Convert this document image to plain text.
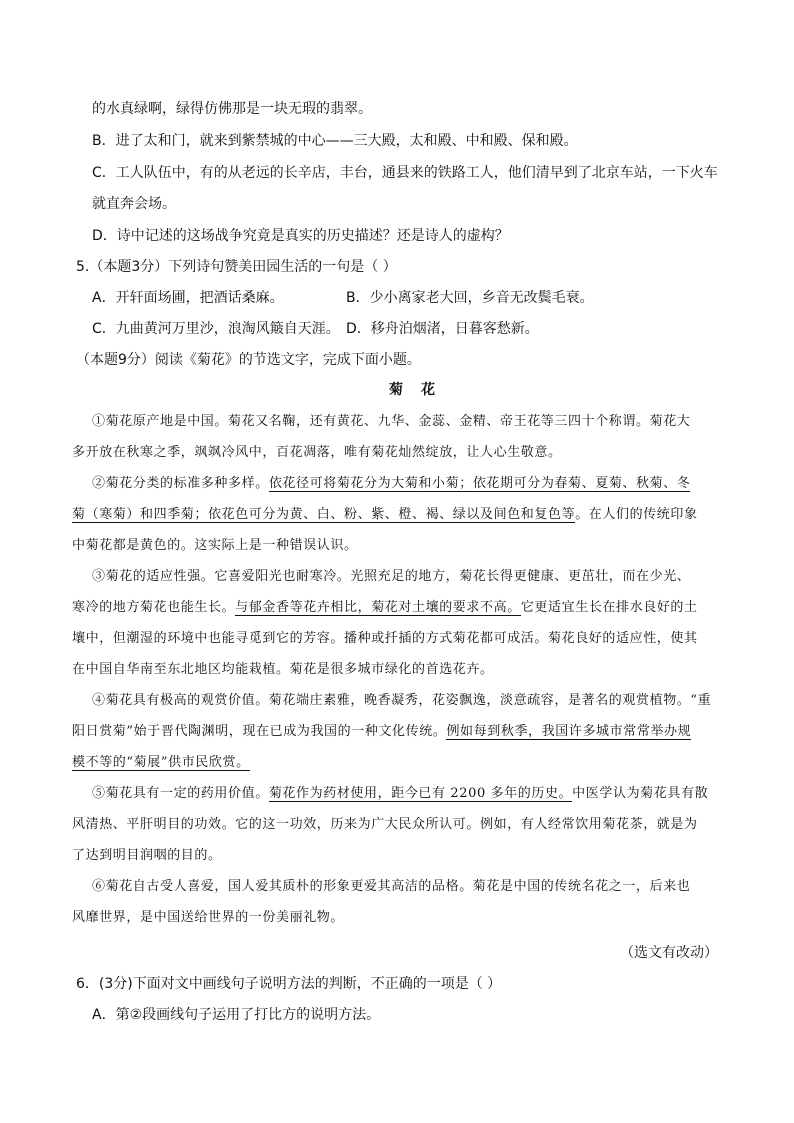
的水真绿啊，绿得仿佛那是一块无瑕的翡翠。
B．进了太和门，就来到紫禁城的中心——三大殿，太和殿、中和殿、保和殿。
C．工人队伍中，有的从老远的长辛店，丰台，通县来的铁路工人，他们清早到了北京车站，一下火车
就直奔会场。
D．诗中记述的这场战争究竟是真实的历史描述？还是诗人的虚构？
5.（本题3分）下列诗句赞美田园生活的一句是（ ）
A．开轩面场圃，把酒话桑麻。	B．少小离家老大回，乡音无改鬓毛衰。
C．九曲黄河万里沙，浪淘风簸自天涯。 D．移舟泊烟渚，日暮客愁新。
（本题9分）阅读《菊花》的节选文字，完成下面小题。
菊花
①菊花原产地是中国。菊花又名鞠，还有黄花、九华、金蕊、金精、帝王花等三四十个称谓。菊花大
多开放在秋寒之季，飒飒冷风中，百花凋落，唯有菊花灿然绽放，让人心生敬意。
②菊花分类的标准多种多样。依花径可将菊花分为大菊和小菊；依花期可分为春菊、夏菊、秋菊、冬
菊（寒菊）和四季菊；依花色可分为黄、白、粉、紫、橙、褐、绿以及间色和复色等。在人们的传统印象
中菊花都是黄色的。这实际上是一种错误认识。
③菊花的适应性强。它喜爱阳光也耐寒冷。光照充足的地方，菊花长得更健康、更茁壮，而在少光、
寒冷的地方菊花也能生长。与郁金香等花卉相比，菊花对土壤的要求不高。它更适宜生长在排水良好的土
壤中，但潮湿的环境中也能寻觅到它的芳容。播种或扦插的方式菊花都可成活。菊花良好的适应性，使其
在中国自华南至东北地区均能栽植。菊花是很多城市绿化的首选花卉。
④菊花具有极高的观赏价值。菊花端庄素雅，晚香凝秀，花姿飘逸，淡意疏容，是著名的观赏植物。“重
阳日赏菊”始于晋代陶渊明，现在已成为我国的一种文化传统。例如每到秋季，我国许多城市常常举办规
模不等的“菊展”供市民欣赏。
⑤菊花具有一定的药用价值。菊花作为药材使用，距今已有 2200 多年的历史。中医学认为菊花具有散
风清热、平肝明目的功效。它的这一功效，历来为广大民众所认可。例如，有人经常饮用菊花茶，就是为
了达到明目润咽的目的。
⑥菊花自古受人喜爱，国人爱其质朴的形象更爱其高洁的品格。菊花是中国的传统名花之一，后来也
风靡世界，是中国送给世界的一份美丽礼物。
（选文有改动）
6．(3分)下面对文中画线句子说明方法的判断，不正确的一项是（ ）
A．第②段画线句子运用了打比方的说明方法。
